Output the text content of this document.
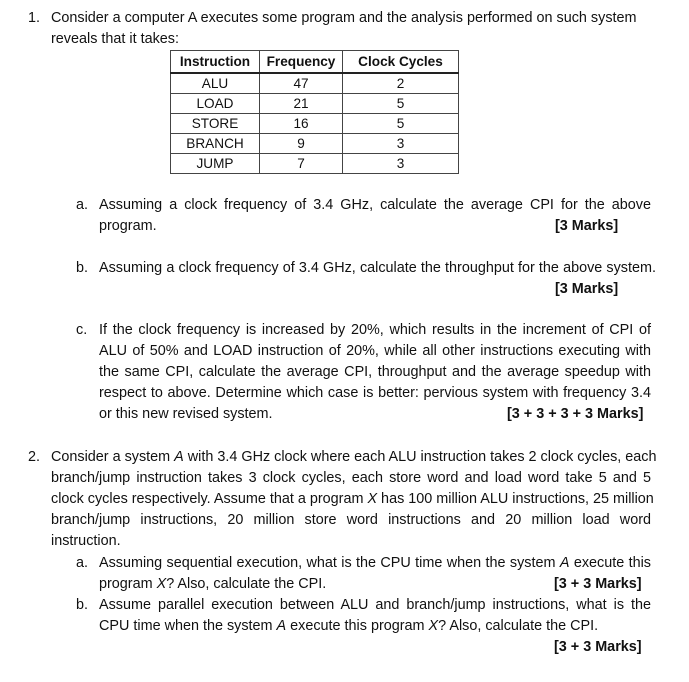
1. Consider a computer A executes some program and the analysis performed on such system
reveals that it takes:
Instruction	Frequency	Clock Cycles
ALU	47	2
LOAD	21	5
STORE	16	5
BRANCH	9	3
JUMP	7	3
a. Assuming a clock frequency of 3.4 GHz, calculate the average CPI for the above
program.	[3 Marks]
b. Assuming a clock frequency of 3.4 GHz, calculate the throughput for the above system.
[3 Marks]
c. If the clock frequency is increased by 20%, which results in the increment of CPI of
ALU of 50% and LOAD instruction of 20%, while all other instructions executing with
the same CPI, calculate the average CPI, throughput and the average speedup with
respect to above. Determine which case is better: pervious system with frequency 3.4
or this new revised system.	[3 + 3 + 3 + 3 Marks]
2. Consider a system A with 3.4 GHz clock where each ALU instruction takes 2 clock cycles, each
branch/jump instruction takes 3 clock cycles, each store word and load word take 5 and 5
clock cycles respectively. Assume that a program X has 100 million ALU instructions, 25 million
branch/jump instructions, 20 million store word instructions and 20 million load word
instruction.
a. Assuming sequential execution, what is the CPU time when the system A execute this
program X? Also, calculate the CPI.	[3 + 3 Marks]
b. Assume parallel execution between ALU and branch/jump instructions, what is the
CPU time when the system A execute this program X? Also, calculate the CPI.
[3 + 3 Marks]
